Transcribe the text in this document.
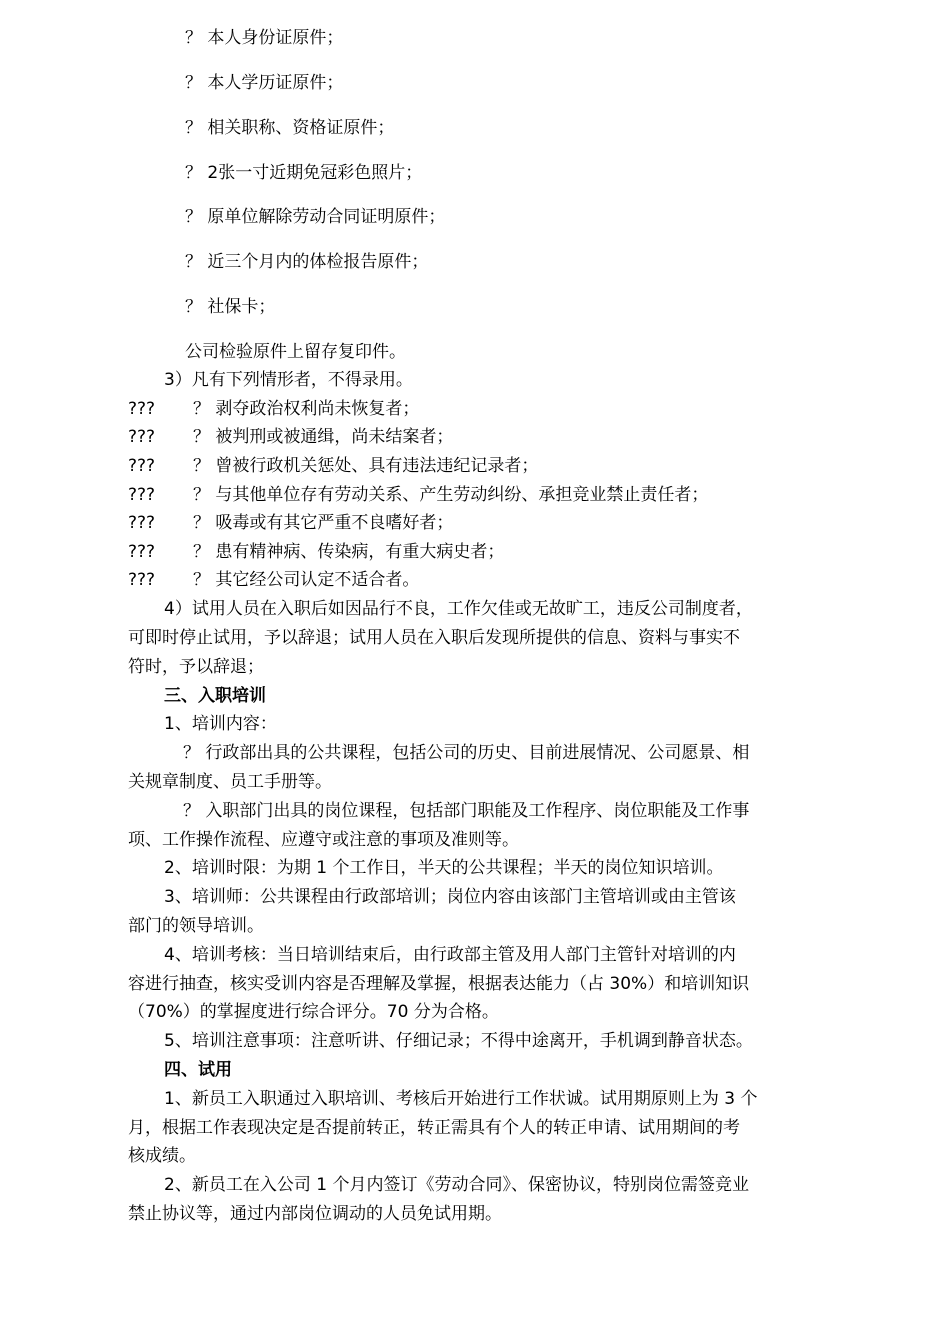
？ 本人身份证原件；
？ 本人学历证原件；
？ 相关职称、资格证原件；
？ 2张一寸近期免冠彩色照片；
？ 原单位解除劳动合同证明原件；
？ 近三个月内的体检报告原件；
？ 社保卡；
公司检验原件上留存复印件。
3）凡有下列情形者，不得录用。
??? ？ 剥夺政治权利尚未恢复者；
??? ？ 被判刑或被通缉，尚未结案者；
??? ？ 曾被行政机关惩处、具有违法违纪记录者；
??? ？ 与其他单位存有劳动关系、产生劳动纠纷、承担竞业禁止责任者；
??? ？ 吸毒或有其它严重不良嗜好者；
??? ？ 患有精神病、传染病，有重大病史者；
??? ？ 其它经公司认定不适合者。
4）试用人员在入职后如因品行不良，工作欠佳或无故旷工，违反公司制度者，
可即时停止试用，予以辞退；试用人员在入职后发现所提供的信息、资料与事实不
符时，予以辞退；
三、入职培训
1、培训内容：
？ 行政部出具的公共课程，包括公司的历史、目前进展情况、公司愿景、相
关规章制度、员工手册等。
？ 入职部门出具的岗位课程，包括部门职能及工作程序、岗位职能及工作事
项、工作操作流程、应遵守或注意的事项及准则等。
2、培训时限：为期 1 个工作日，半天的公共课程；半天的岗位知识培训。
3、培训师：公共课程由行政部培训；岗位内容由该部门主管培训或由主管该
部门的领导培训。
4、培训考核：当日培训结束后，由行政部主管及用人部门主管针对培训的内
容进行抽查，核实受训内容是否理解及掌握，根据表达能力（占 30%）和培训知识
（70%）的掌握度进行综合评分。70 分为合格。
5、培训注意事项：注意听讲、仔细记录；不得中途离开，手机调到静音状态。
四、试用
1、新员工入职通过入职培训、考核后开始进行工作状诚。试用期原则上为 3 个
月，根据工作表现决定是否提前转正，转正需具有个人的转正申请、试用期间的考
核成绩。
2、新员工在入公司 1 个月内签订《劳动合同》、保密协议，特别岗位需签竞业
禁止协议等，通过内部岗位调动的人员免试用期。
